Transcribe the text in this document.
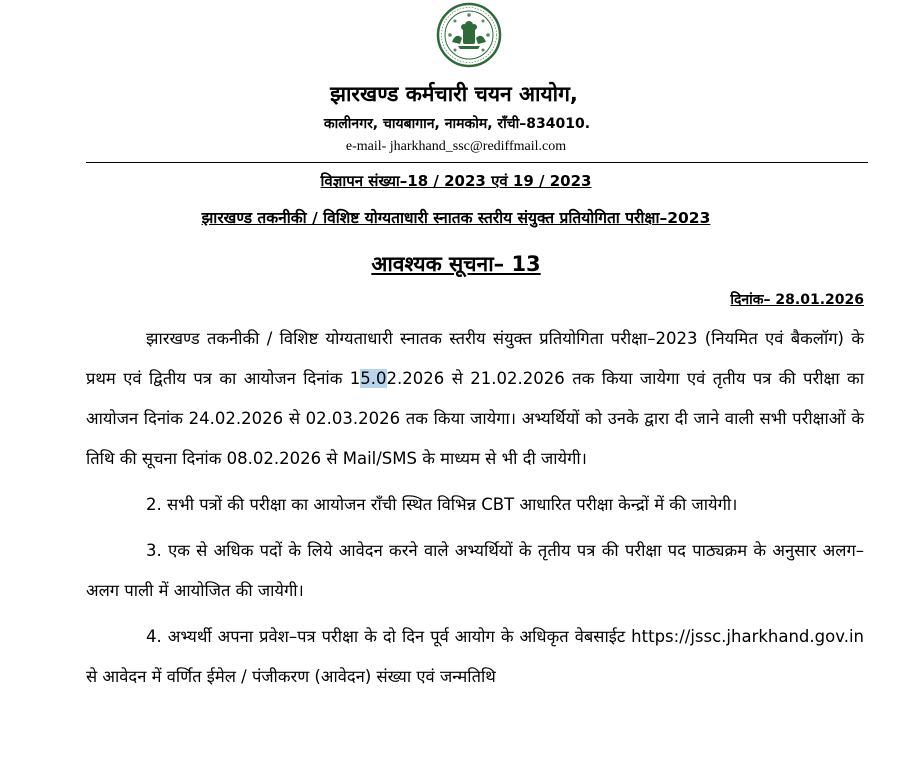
झारखण्ड कर्मचारी चयन आयोग,
कालीनगर, चायबागान, नामकोम, राँची–834010.
e-mail- jharkhand_ssc@rediffmail.com
विज्ञापन संख्या–18 / 2023 एवं 19 / 2023
झारखण्ड तकनीकी / विशिष्ट योग्यताधारी स्नातक स्तरीय संयुक्त प्रतियोगिता परीक्षा–2023
आवश्यक सूचना– 13
दिनांक– 28.01.2026

झारखण्ड तकनीकी / विशिष्ट योग्यताधारी स्नातक स्तरीय संयुक्त प्रतियोगिता परीक्षा–2023 (नियमित एवं बैकलॉग) के प्रथम एवं द्वितीय पत्र का आयोजन दिनांक 15.02.2026 से 21.02.2026 तक किया जायेगा एवं तृतीय पत्र की परीक्षा का आयोजन दिनांक 24.02.2026 से 02.03.2026 तक किया जायेगा। अभ्यर्थियों को उनके द्वारा दी जाने वाली सभी परीक्षाओं के तिथि की सूचना दिनांक 08.02.2026 से Mail/SMS के माध्यम से भी दी जायेगी।

2. सभी पत्रों की परीक्षा का आयोजन राँची स्थित विभिन्न CBT आधारित परीक्षा केन्द्रों में की जायेगी।

3. एक से अधिक पदों के लिये आवेदन करने वाले अभ्यर्थियों के तृतीय पत्र की परीक्षा पद पाठ्यक्रम के अनुसार अलग–अलग पाली में आयोजित की जायेगी।

4. अभ्यर्थी अपना प्रवेश–पत्र परीक्षा के दो दिन पूर्व आयोग के अधिकृत वेबसाईट https://jssc.jharkhand.gov.in से आवेदन में वर्णित ईमेल / पंजीकरण (आवेदन) संख्या एवं जन्मतिथि
